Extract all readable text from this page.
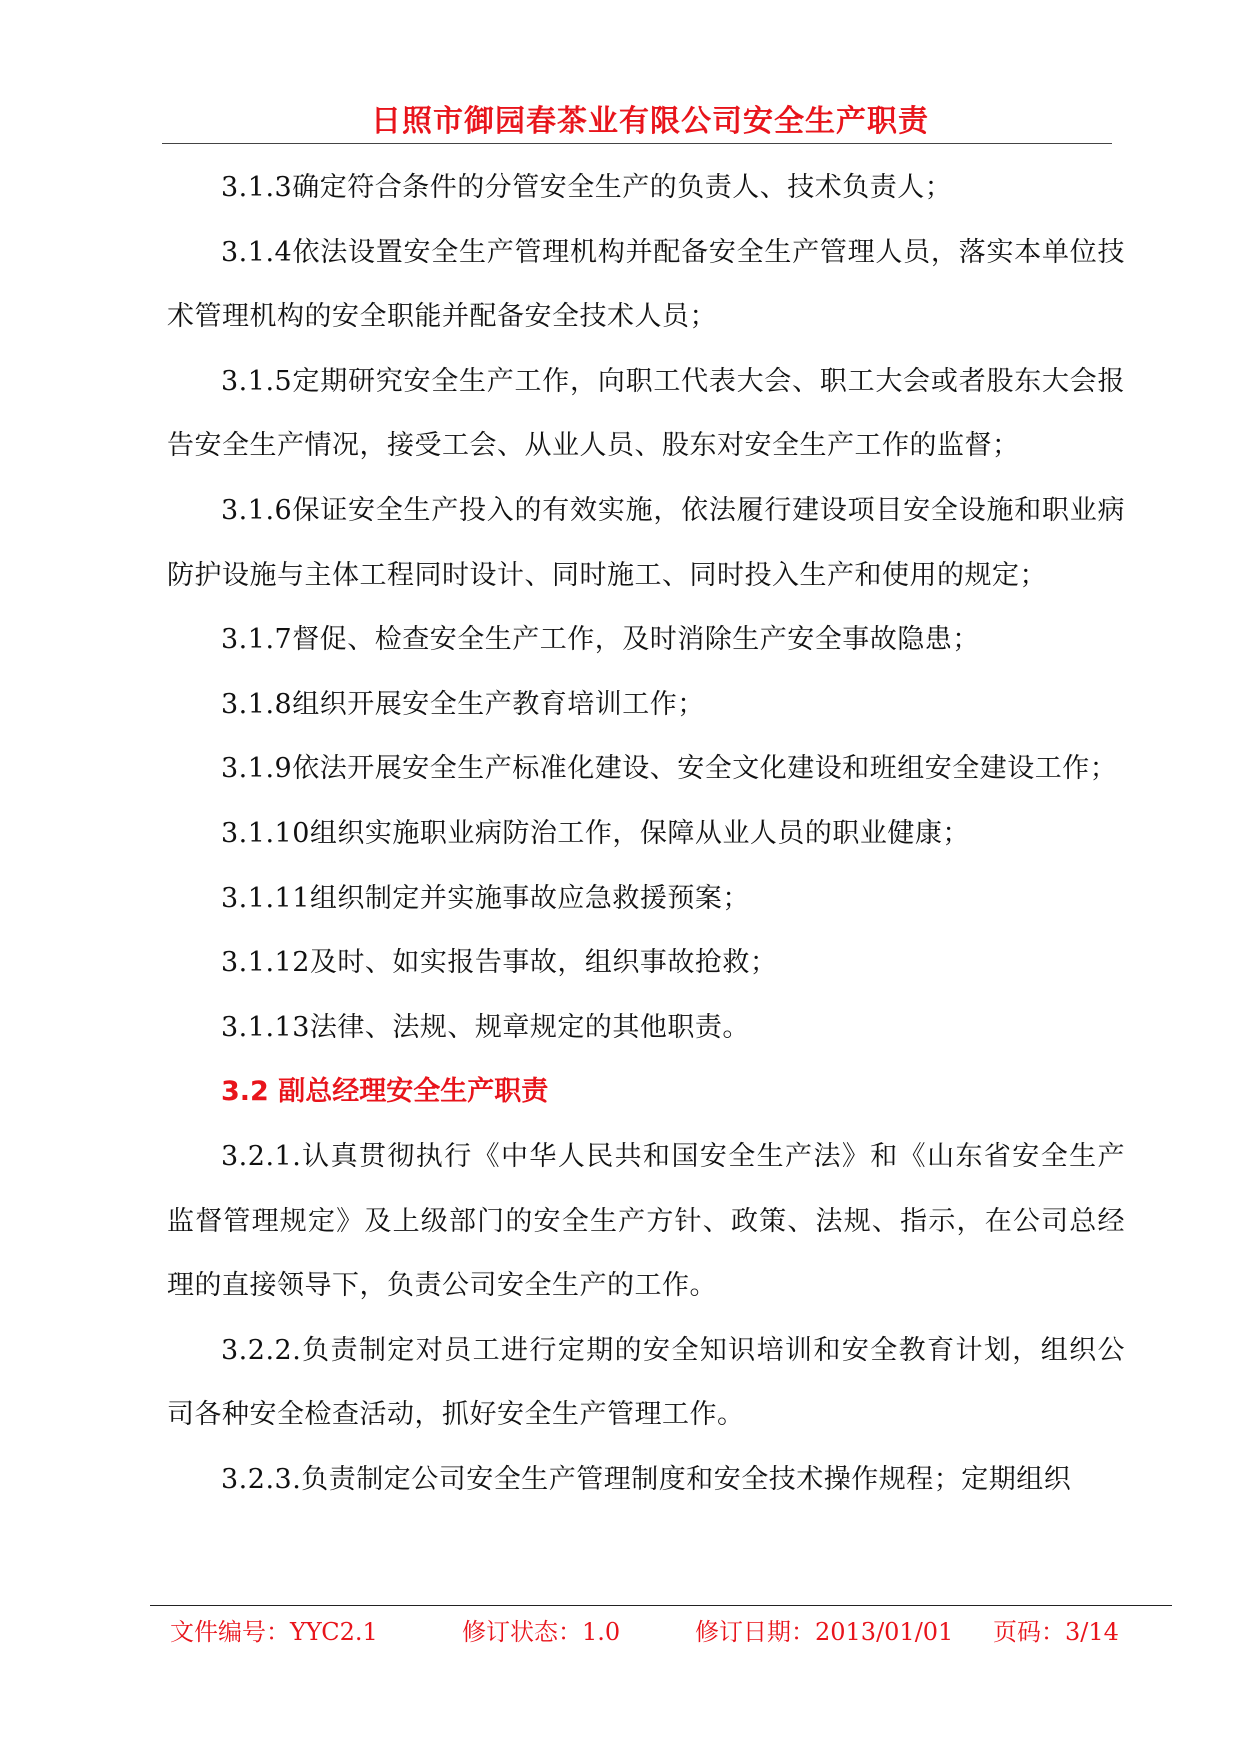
日照市御园春茶业有限公司安全生产职责

3.1.3确定符合条件的分管安全生产的负责人、技术负责人；

3.1.4依法设置安全生产管理机构并配备安全生产管理人员，落实本单位技术管理机构的安全职能并配备安全技术人员；

3.1.5定期研究安全生产工作，向职工代表大会、职工大会或者股东大会报告安全生产情况，接受工会、从业人员、股东对安全生产工作的监督；

3.1.6保证安全生产投入的有效实施，依法履行建设项目安全设施和职业病防护设施与主体工程同时设计、同时施工、同时投入生产和使用的规定；

3.1.7督促、检查安全生产工作，及时消除生产安全事故隐患；

3.1.8组织开展安全生产教育培训工作；

3.1.9依法开展安全生产标准化建设、安全文化建设和班组安全建设工作；

3.1.10组织实施职业病防治工作，保障从业人员的职业健康；

3.1.11组织制定并实施事故应急救援预案；

3.1.12及时、如实报告事故，组织事故抢救；

3.1.13法律、法规、规章规定的其他职责。

3.2 副总经理安全生产职责

3.2.1.认真贯彻执行《中华人民共和国安全生产法》和《山东省安全生产监督管理规定》及上级部门的安全生产方针、政策、法规、指示，在公司总经理的直接领导下，负责公司安全生产的工作。

3.2.2.负责制定对员工进行定期的安全知识培训和安全教育计划，组织公司各种安全检查活动，抓好安全生产管理工作。

3.2.3.负责制定公司安全生产管理制度和安全技术操作规程；定期组织

文件编号：YYC2.1	修订状态：1.0	修订日期：2013/01/01 页码：3/14
